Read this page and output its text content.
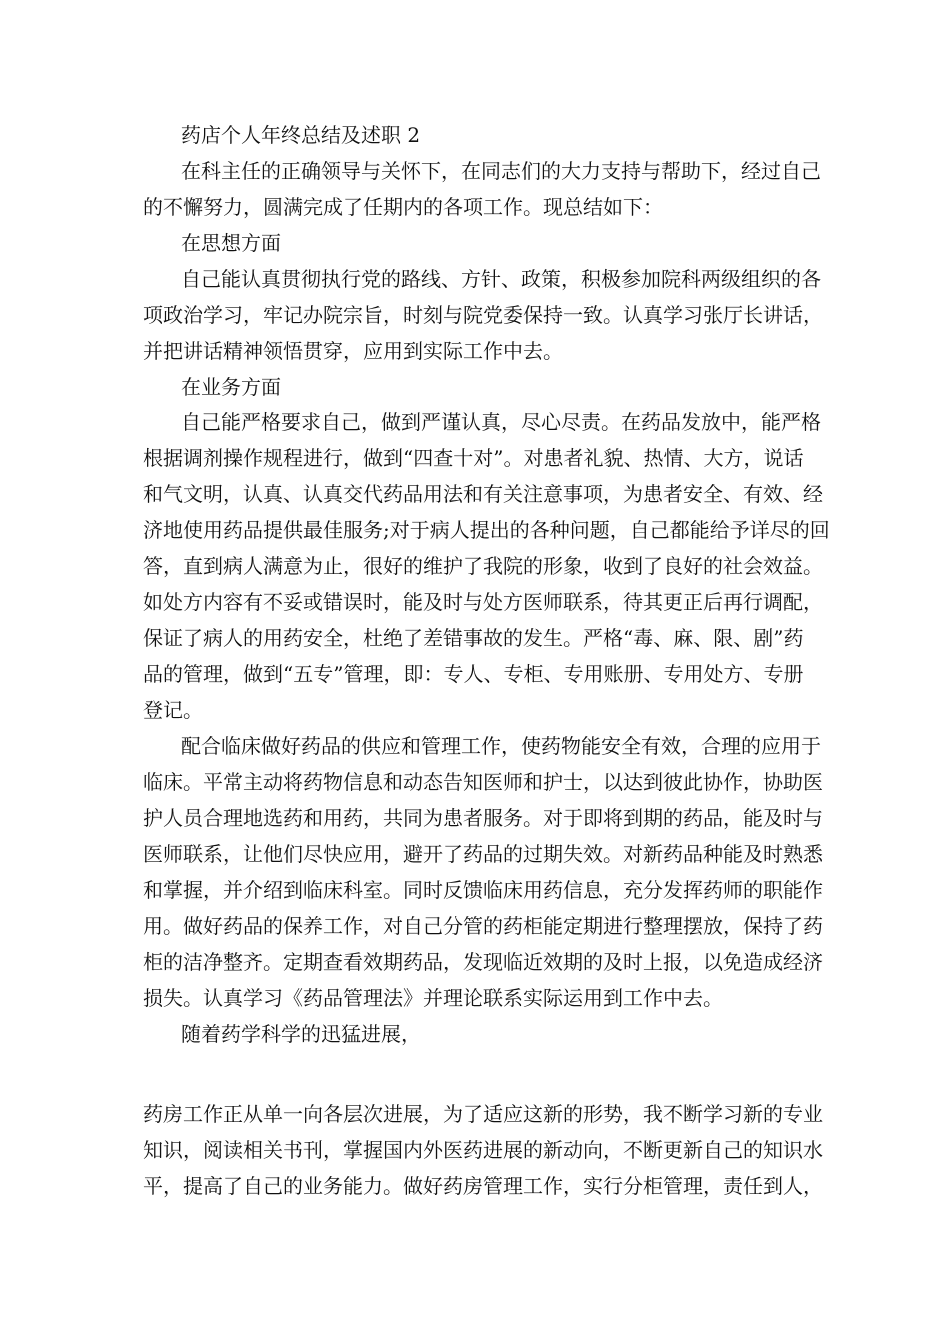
药店个人年终总结及述职 2
在科主任的正确领导与关怀下，在同志们的大力支持与帮助下，经过自己
的不懈努力，圆满完成了任期内的各项工作。现总结如下：
在思想方面
自己能认真贯彻执行党的路线、方针、政策，积极参加院科两级组织的各
项政治学习，牢记办院宗旨，时刻与院党委保持一致。认真学习张厅长讲话，
并把讲话精神领悟贯穿，应用到实际工作中去。
在业务方面
自己能严格要求自己，做到严谨认真，尽心尽责。在药品发放中，能严格
根据调剂操作规程进行，做到“四查十对”。对患者礼貌、热情、大方，说话
和气文明，认真、认真交代药品用法和有关注意事项，为患者安全、有效、经
济地使用药品提供最佳服务;对于病人提出的各种问题，自己都能给予详尽的回
答，直到病人满意为止，很好的维护了我院的形象，收到了良好的社会效益。
如处方内容有不妥或错误时，能及时与处方医师联系，待其更正后再行调配，
保证了病人的用药安全，杜绝了差错事故的发生。严格“毒、麻、限、剧”药
品的管理，做到“五专”管理，即：专人、专柜、专用账册、专用处方、专册
登记。
配合临床做好药品的供应和管理工作，使药物能安全有效，合理的应用于
临床。平常主动将药物信息和动态告知医师和护士，以达到彼此协作，协助医
护人员合理地选药和用药，共同为患者服务。对于即将到期的药品，能及时与
医师联系，让他们尽快应用，避开了药品的过期失效。对新药品种能及时熟悉
和掌握，并介绍到临床科室。同时反馈临床用药信息，充分发挥药师的职能作
用。做好药品的保养工作，对自己分管的药柜能定期进行整理摆放，保持了药
柜的洁净整齐。定期查看效期药品，发现临近效期的及时上报，以免造成经济
损失。认真学习《药品管理法》并理论联系实际运用到工作中去。
随着药学科学的迅猛进展，
药房工作正从单一向各层次进展，为了适应这新的形势，我不断学习新的专业
知识，阅读相关书刊，掌握国内外医药进展的新动向，不断更新自己的知识水
平，提高了自己的业务能力。做好药房管理工作，实行分柜管理，责任到人，
